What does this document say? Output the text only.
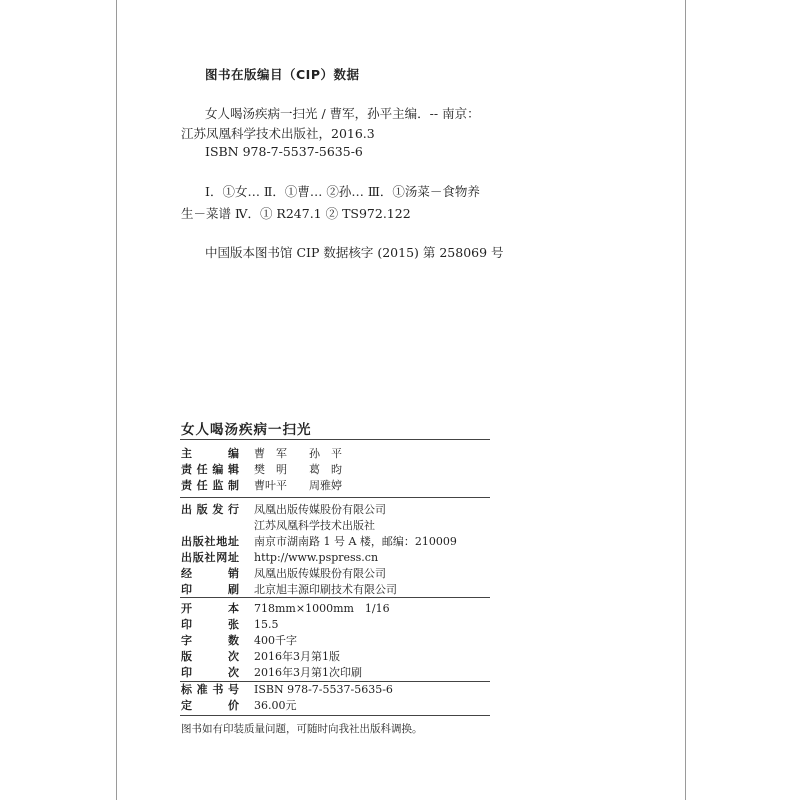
图书在版编目（CIP）数据
女人喝汤疾病一扫光 / 曹军，孙平主编．-- 南京：
江苏凤凰科学技术出版社，2016.3
ISBN 978-7-5537-5635-6
Ⅰ．①女… Ⅱ．①曹… ②孙… Ⅲ．①汤菜－食物养
生－菜谱 Ⅳ．① R247.1 ② TS972.122
中国版本图书馆 CIP 数据核字 (2015) 第 258069 号
女人喝汤疾病一扫光
主　编 曹　军　　孙　平
责任编辑 樊　明　　葛　昀
责任监制 曹叶平　　周雅婷
出版发行 凤凰出版传媒股份有限公司
江苏凤凰科学技术出版社
出版社地址 南京市湖南路 1 号 A 楼，邮编：210009
出版社网址 http://www.pspress.cn
经　销 凤凰出版传媒股份有限公司
印　刷 北京旭丰源印刷技术有限公司
开　本 718mm×1000mm　1/16
印　张 15.5
字　数 400千字
版　次 2016年3月第1版
印　次 2016年3月第1次印刷
标准书号 ISBN 978-7-5537-5635-6
定　价 36.00元
图书如有印装质量问题，可随时向我社出版科调换。
